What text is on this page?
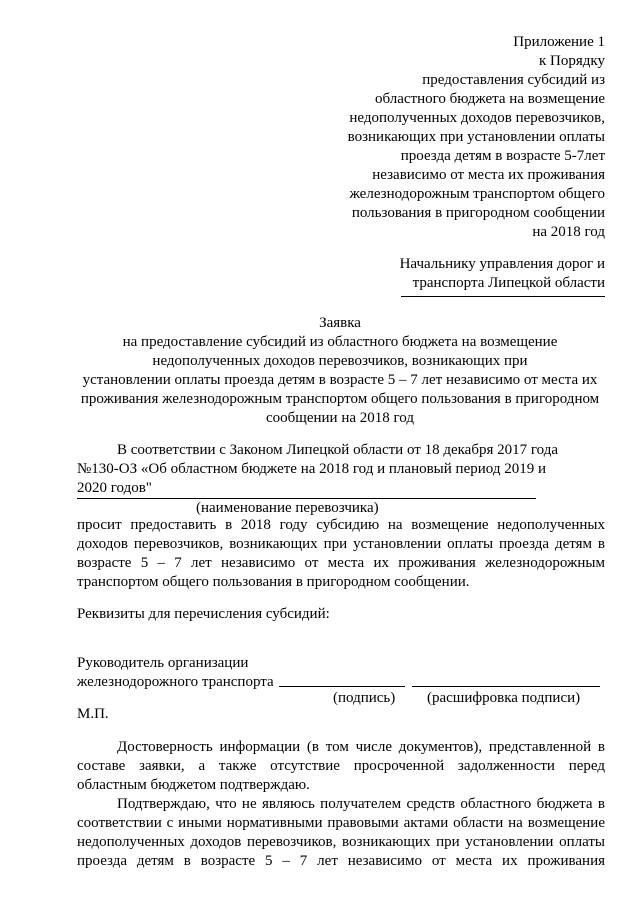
Приложение 1
к Порядку
предоставления субсидий из
областного бюджета на возмещение
недополученных доходов перевозчиков,
возникающих при установлении оплаты
проезда детям в возрасте 5-7лет
независимо от места их проживания
железнодорожным транспортом общего
пользования в пригородном сообщении
на 2018 год
Начальнику управления дорог и
транспорта Липецкой области
Заявка
на предоставление субсидий из областного бюджета на возмещение
недополученных доходов перевозчиков, возникающих при
установлении оплаты проезда детям в возрасте 5 – 7 лет независимо от места их
проживания железнодорожным транспортом общего пользования в пригородном
сообщении на 2018 год
В соответствии с Законом Липецкой области от 18 декабря 2017 года
№130-ОЗ «Об областном бюджете на 2018 год и плановый период 2019 и
2020 годов"
(наименование перевозчика)
просит предоставить в 2018 году субсидию на возмещение недополученных
доходов перевозчиков, возникающих при установлении оплаты проезда детям в
возрасте 5 – 7 лет независимо от места их проживания железнодорожным
транспортом общего пользования в пригородном сообщении.
Реквизиты для перечисления субсидий:
Руководитель организации
железнодорожного транспорта
(подпись) (расшифровка подписи)
М.П.
Достоверность информации (в том числе документов), представленной в
составе заявки, а также отсутствие просроченной задолженности перед
областным бюджетом подтверждаю.
Подтверждаю, что не являюсь получателем средств областного бюджета в
соответствии с иными нормативными правовыми актами области на возмещение
недополученных доходов перевозчиков, возникающих при установлении оплаты
проезда детям в возрасте 5 – 7 лет независимо от места их проживания
